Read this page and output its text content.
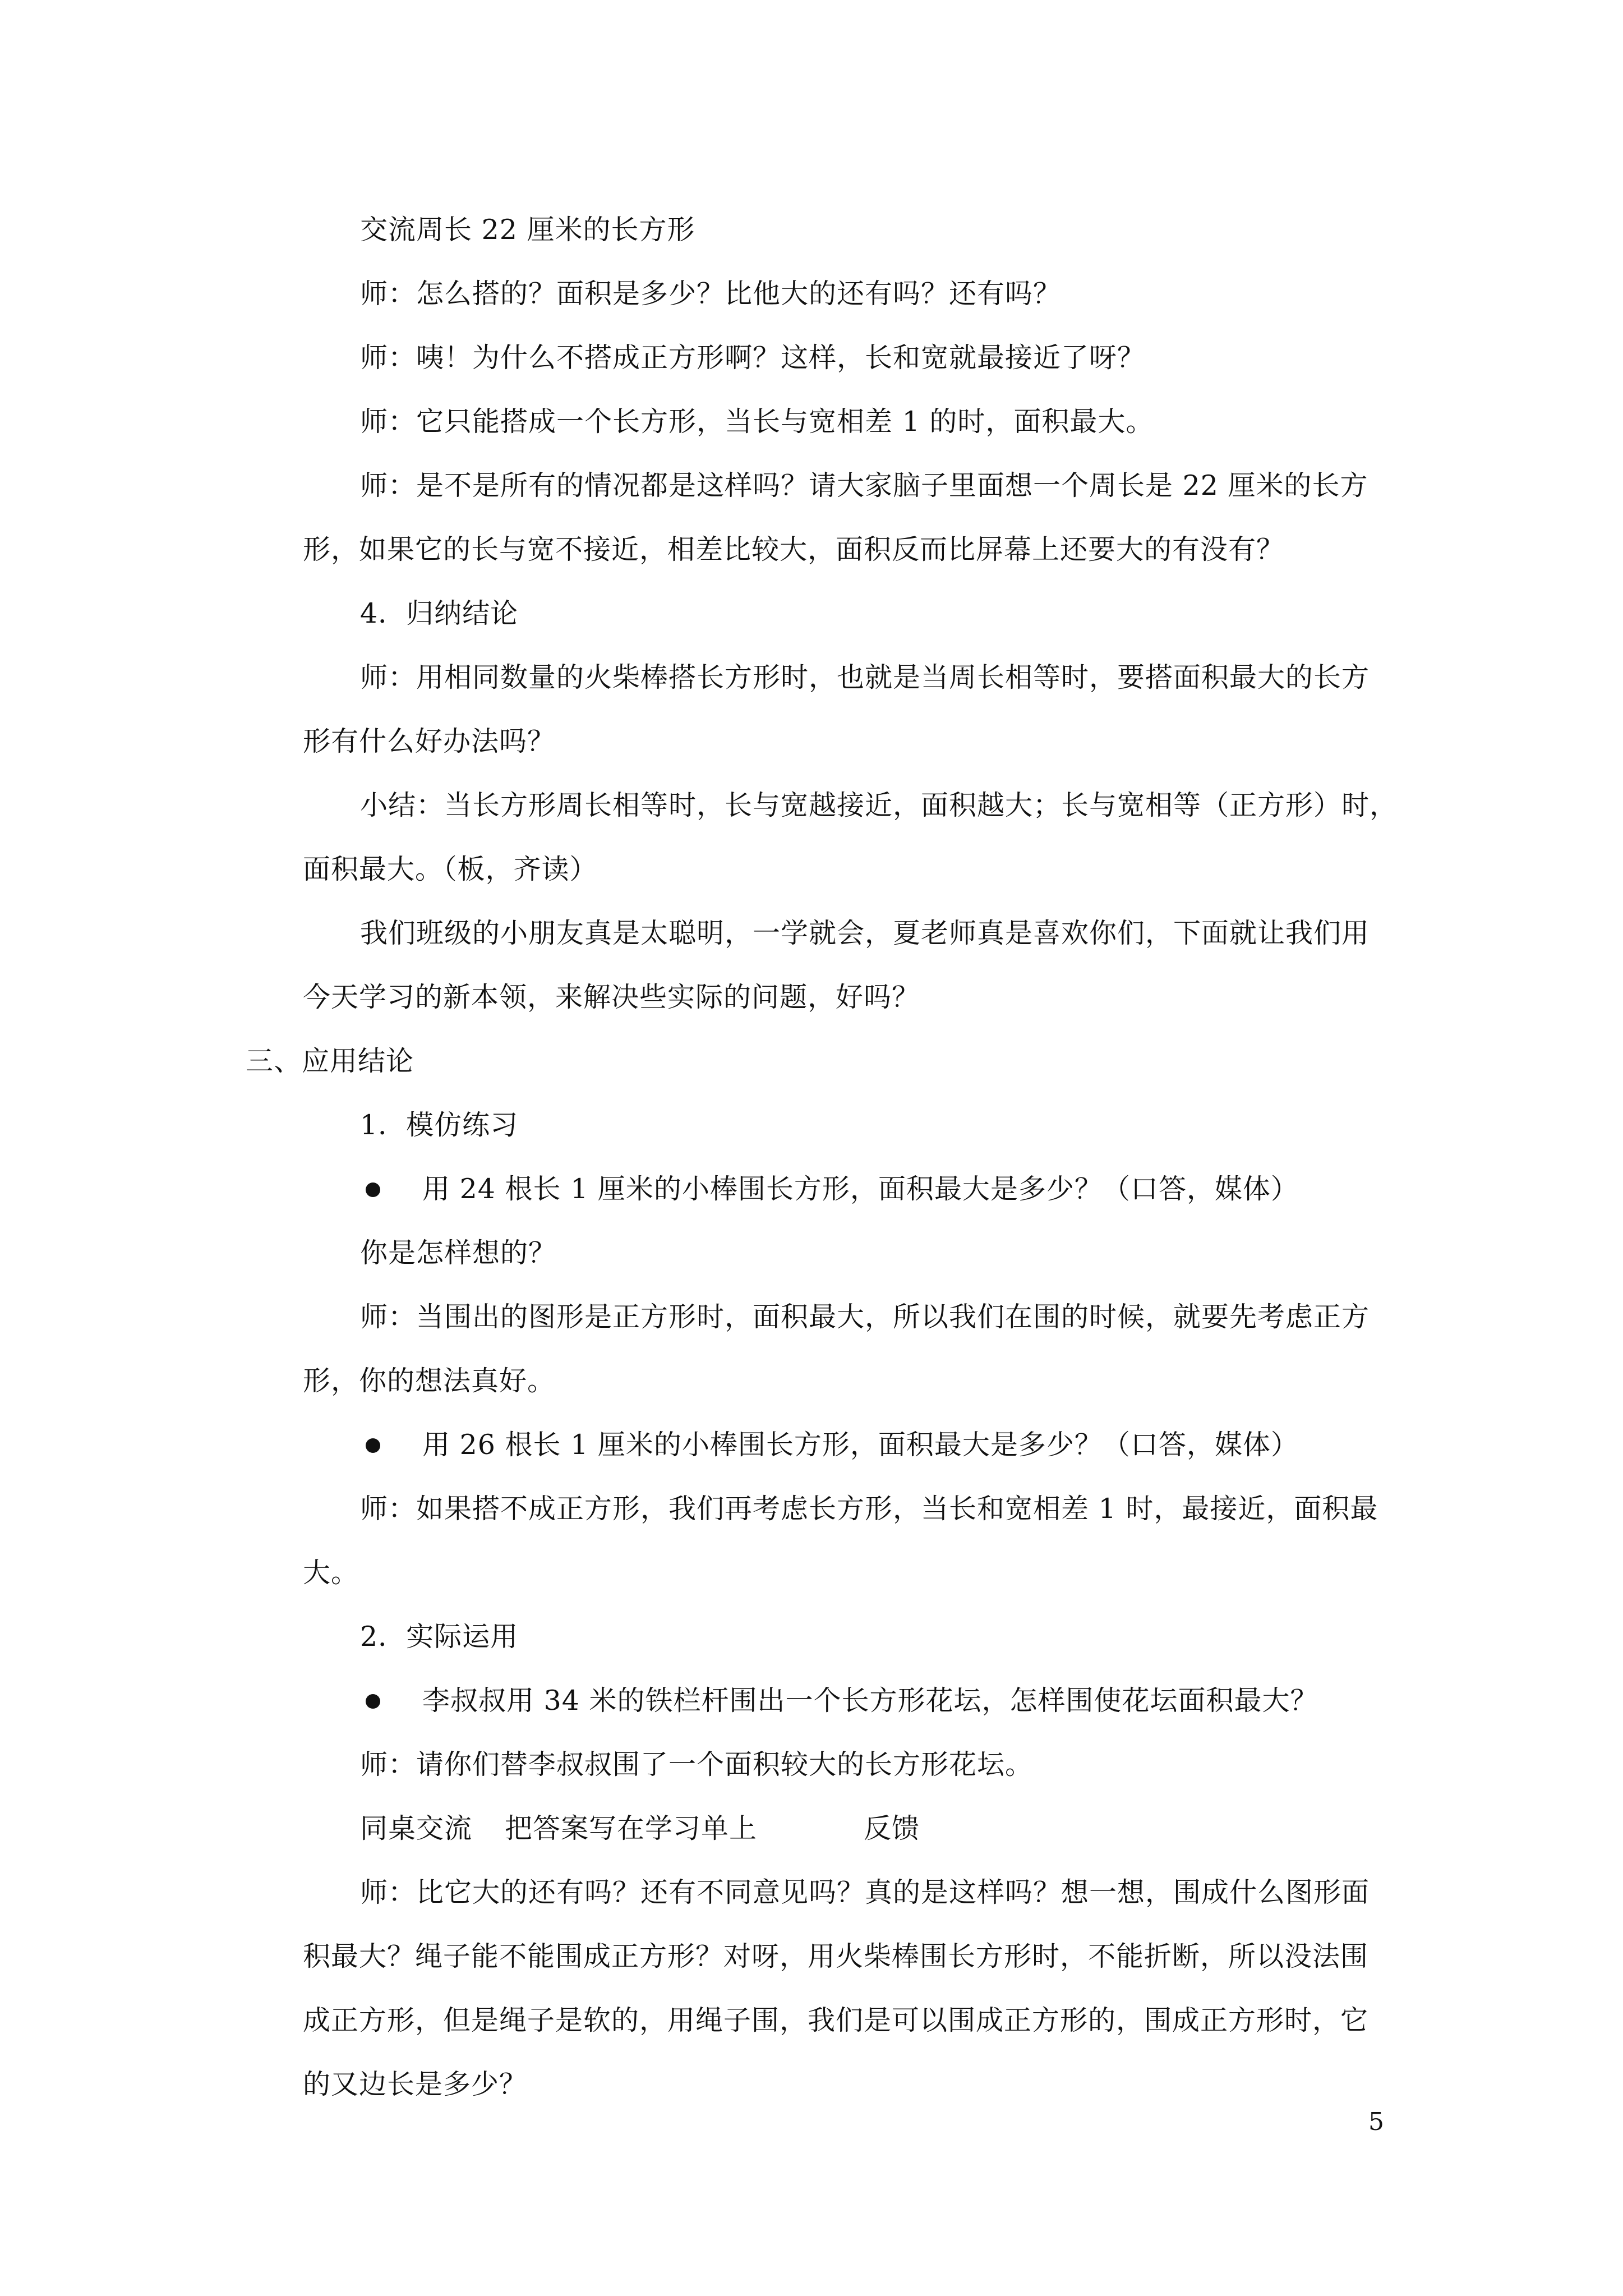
交流周长 22 厘米的长方形
师：怎么搭的？面积是多少？比他大的还有吗？还有吗？
师：咦！为什么不搭成正方形啊？这样，长和宽就最接近了呀？
师：它只能搭成一个长方形，当长与宽相差 1 的时，面积最大。
师：是不是所有的情况都是这样吗？请大家脑子里面想一个周长是 22 厘米的长方
形，如果它的长与宽不接近，相差比较大，面积反而比屏幕上还要大的有没有？
4．归纳结论
师：用相同数量的火柴棒搭长方形时，也就是当周长相等时，要搭面积最大的长方
形有什么好办法吗？
小结：当长方形周长相等时，长与宽越接近，面积越大；长与宽相等（正方形）时，
面积最大。（板，齐读）
我们班级的小朋友真是太聪明，一学就会，夏老师真是喜欢你们，下面就让我们用
今天学习的新本领，来解决些实际的问题，好吗？
三、应用结论
1．模仿练习

用 24 根长 1 厘米的小棒围长方形，面积最大是多少？（口答，媒体）

你是怎样想的？
师：当围出的图形是正方形时，面积最大，所以我们在围的时候，就要先考虑正方
形，你的想法真好。

用 26 根长 1 厘米的小棒围长方形，面积最大是多少？（口答，媒体）

师：如果搭不成正方形，我们再考虑长方形，当长和宽相差 1 时，最接近，面积最
大。
2．实际运用

李叔叔用 34 米的铁栏杆围出一个长方形花坛，怎样围使花坛面积最大？

师：请你们替李叔叔围了一个面积较大的长方形花坛。

同桌交流

把答案写在学习单上

	反馈

师：比它大的还有吗？还有不同意见吗？真的是这样吗？想一想，围成什么图形面
积最大？绳子能不能围成正方形？对呀，用火柴棒围长方形时，不能折断，所以没法围
成正方形，但是绳子是软的，用绳子围，我们是可以围成正方形的，围成正方形时，它
的又边长是多少？
5
